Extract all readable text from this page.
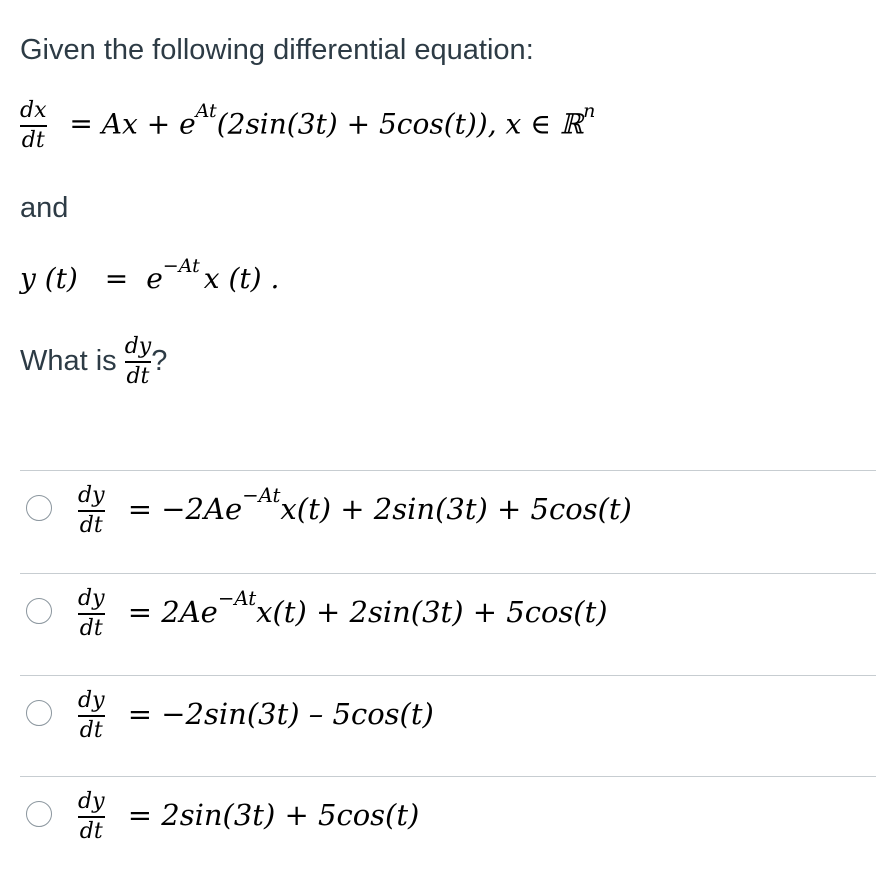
Given the following differential equation:
$\frac{dx}{dt} = Ax + e^{At}(2\sin(3t) + 5\cos(t))$, x ∈ ℝ$^n$
and
y $(t) = e^{-At}$ x (t) .
What is $\frac{dy}{dt}$ ?
$\frac{dy}{dt} = -2Ae^{-At}x(t) + 2\sin(3t) + 5\cos(t)$
$\frac{dy}{dt} = 2Ae^{-At}x(t) + 2\sin(3t) + 5\cos(t)$
$\frac{dy}{dt} = -2\sin(3t) - 5\cos(t)$
$\frac{dy}{dt} = 2\sin(3t) + 5\cos(t)$
